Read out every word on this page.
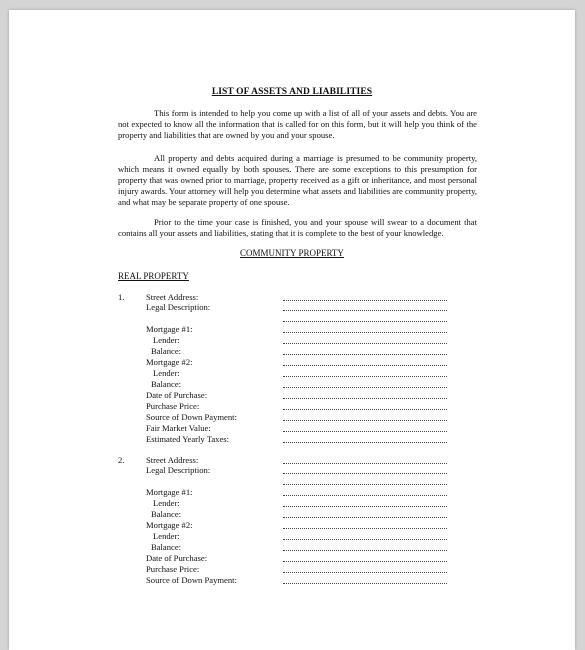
LIST OF ASSETS AND LIABILITIES
This form is intended to help you come up with a list of all of your assets and debts. You are not expected to know all the information that is called for on this form, but it will help you think of the property and liabilities that are owned by you and your spouse.
All property and debts acquired during a marriage is presumed to be community property, which means it owned equally by both spouses. There are some exceptions to this presumption for property that was owned prior to marriage, property received as a gift or inheritance, and most personal injury awards. Your attorney will help you determine what assets and liabilities are community property, and what may be separate property of one spouse.
Prior to the time your case is finished, you and your spouse will swear to a document that contains all your assets and liabilities, stating that it is complete to the best of your knowledge.
COMMUNITY PROPERTY
REAL PROPERTY
1.	Street Address:
Legal Description:
Mortgage #1:
Lender:
Balance:
Mortgage #2:
Lender:
Balance:
Date of Purchase:
Purchase Price:
Source of Down Payment:
Fair Market Value:
Estimated Yearly Taxes:
2.	Street Address:
Legal Description:
Mortgage #1:
Lender:
Balance:
Mortgage #2:
Lender:
Balance:
Date of Purchase:
Purchase Price:
Source of Down Payment:
